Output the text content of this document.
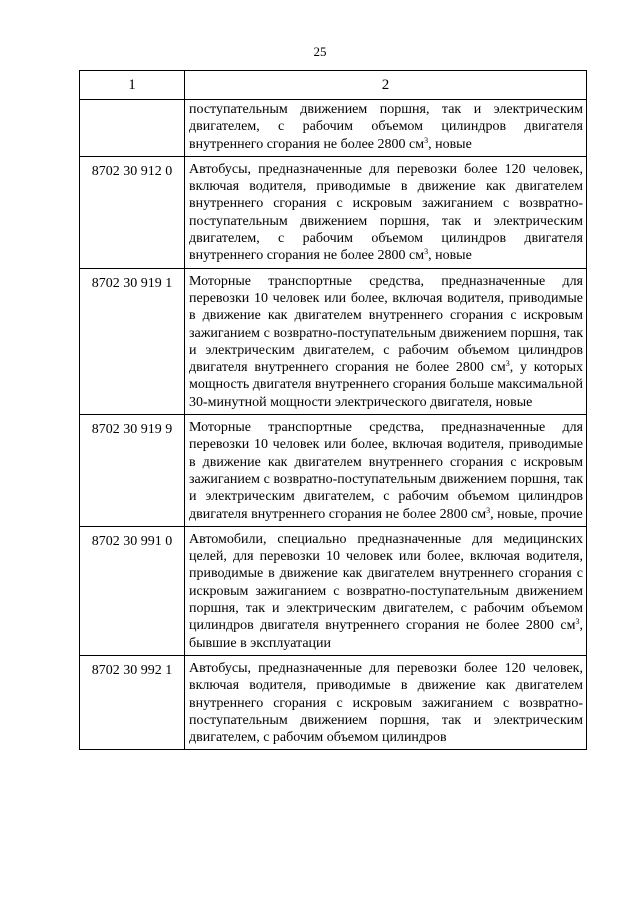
25
1	2
	поступательным движением поршня, так и электрическим двигателем, с рабочим объемом цилиндров двигателя внутреннего сгорания не более 2800 $см^3$, новые
8702 30 912 0	Автобусы, предназначенные для перевозки более 120 человек, включая водителя, приводимые в движение как двигателем внутреннего сгорания с искровым зажиганием с возвратно-поступательным движением поршня, так и электрическим двигателем, с рабочим объемом цилиндров двигателя внутреннего сгорания не более 2800 $см^3$, новые
8702 30 919 1	Моторные транспортные средства, предназначенные для перевозки 10 человек или более, включая водителя, приводимые в движение как двигателем внутреннего сгорания с искровым зажиганием с возвратно-поступательным движением поршня, так и электрическим двигателем, с рабочим объемом цилиндров двигателя внутреннего сгорания не более 2800 $см^3$, у которых мощность двигателя внутреннего сгорания больше максимальной 30-минутной мощности электрического двигателя, новые
8702 30 919 9	Моторные транспортные средства, предназначенные для перевозки 10 человек или более, включая водителя, приводимые в движение как двигателем внутреннего сгорания с искровым зажиганием с возвратно-поступательным движением поршня, так и электрическим двигателем, с рабочим объемом цилиндров двигателя внутреннего сгорания не более 2800 $см^3$, новые, прочие
8702 30 991 0	Автомобили, специально предназначенные для медицинских целей, для перевозки 10 человек или более, включая водителя, приводимые в движение как двигателем внутреннего сгорания с искровым зажиганием с возвратно-поступательным движением поршня, так и электрическим двигателем, с рабочим объемом цилиндров двигателя внутреннего сгорания не более 2800 $см^3$, бывшие в эксплуатации
8702 30 992 1	Автобусы, предназначенные для перевозки более 120 человек, включая водителя, приводимые в движение как двигателем внутреннего сгорания с искровым зажиганием с возвратно-поступательным движением поршня, так и электрическим двигателем, с рабочим объемом цилиндров
